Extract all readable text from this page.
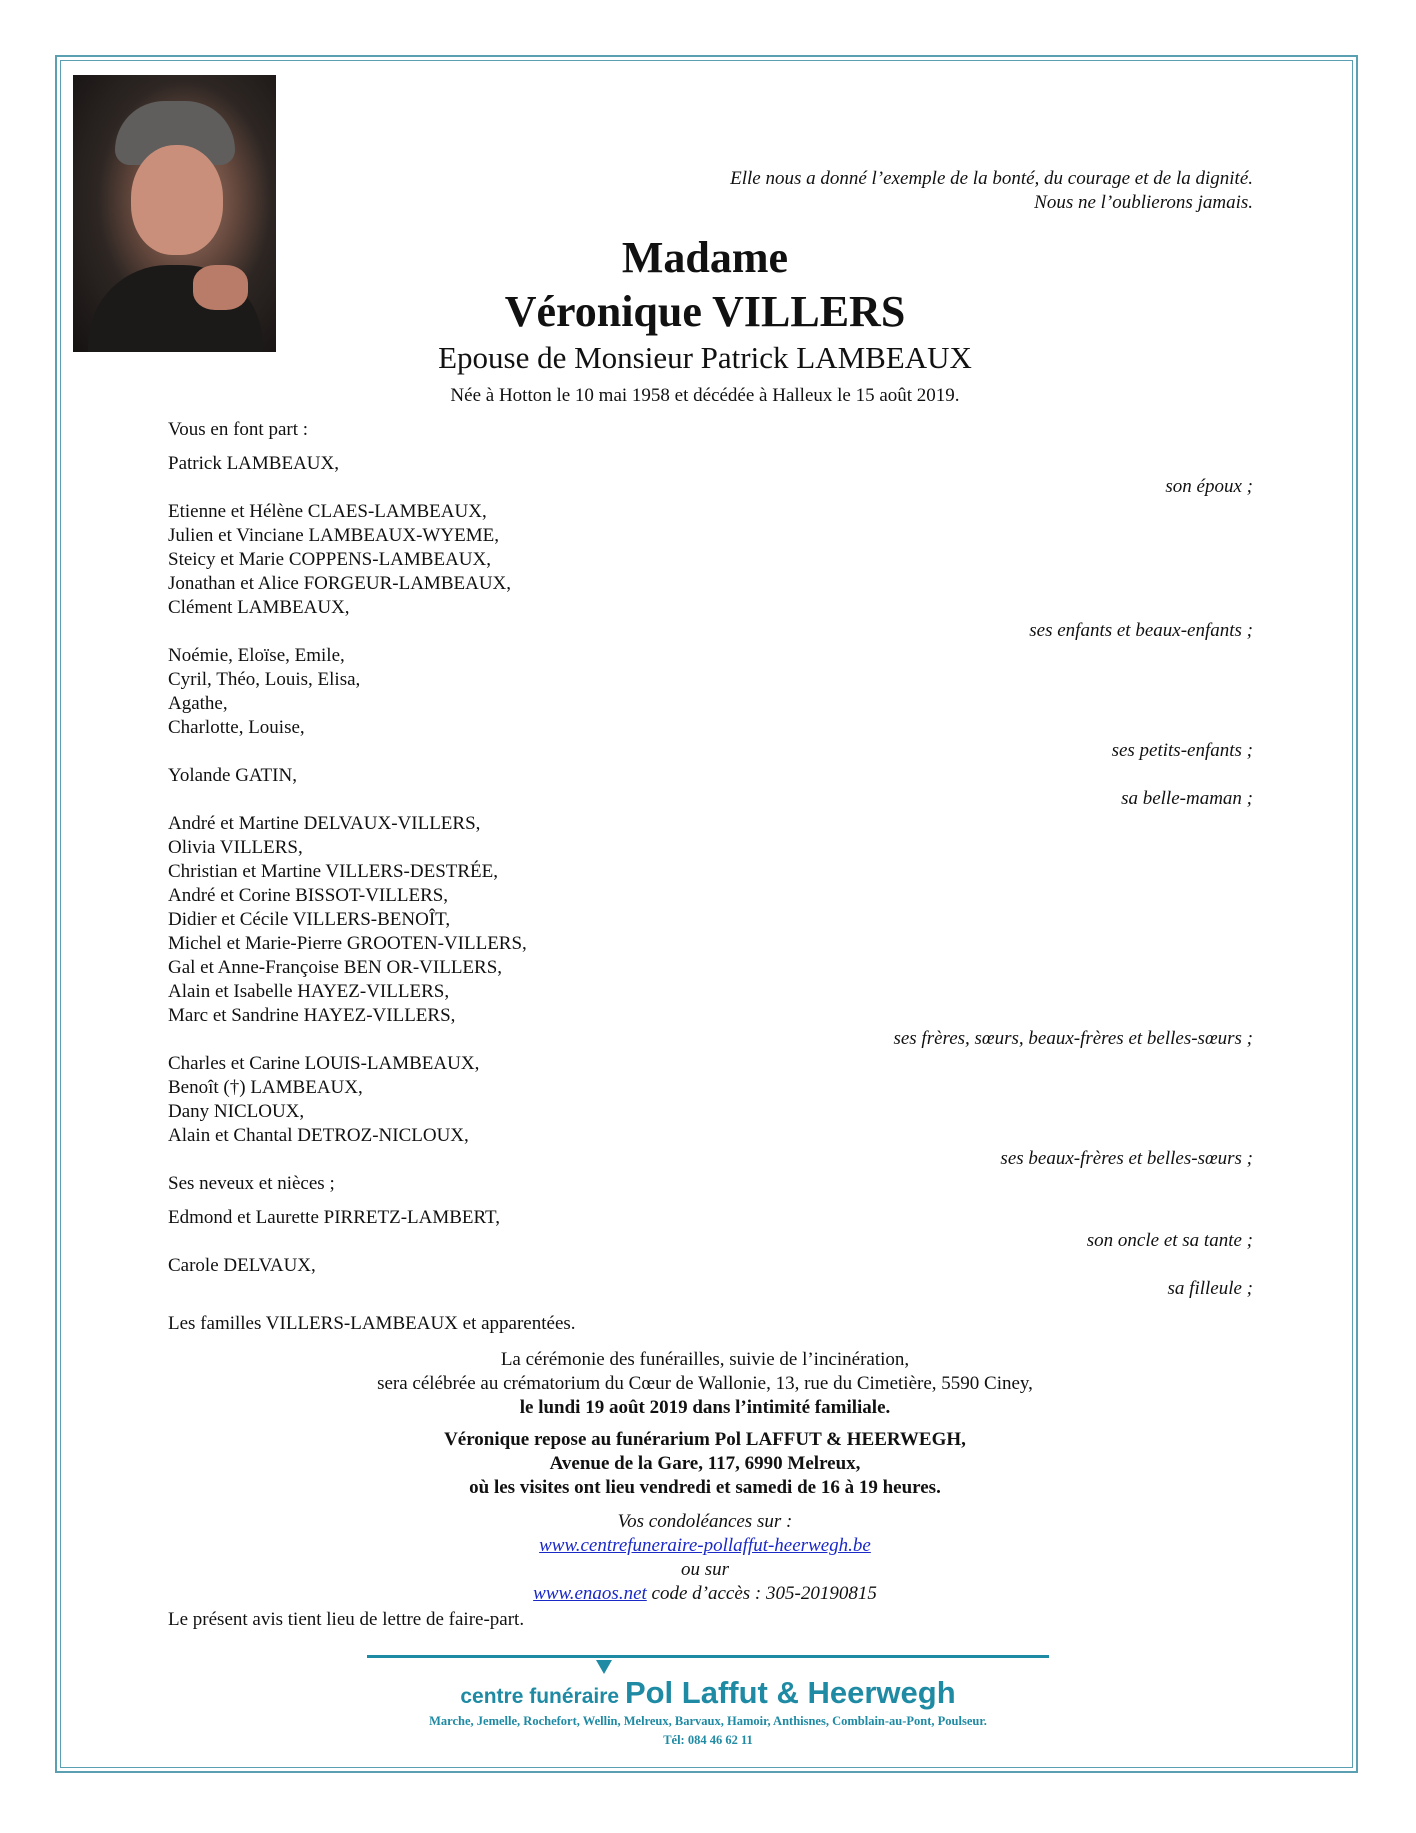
Elle nous a donné l’exemple de la bonté, du courage et de la dignité.
Nous ne l’oublierons jamais.
Madame
Véronique VILLERS
Epouse de Monsieur Patrick LAMBEAUX
Née à Hotton le 10 mai 1958 et décédée à Halleux le 15 août 2019.
Vous en font part :
Patrick LAMBEAUX,
son époux ;
Etienne et Hélène CLAES-LAMBEAUX,
Julien et Vinciane LAMBEAUX-WYEME,
Steicy et Marie COPPENS-LAMBEAUX,
Jonathan et Alice FORGEUR-LAMBEAUX,
Clément LAMBEAUX,
ses enfants et beaux-enfants ;
Noémie, Eloïse, Emile,
Cyril, Théo, Louis, Elisa,
Agathe,
Charlotte, Louise,
ses petits-enfants ;
Yolande GATIN,
sa belle-maman ;
André et Martine DELVAUX-VILLERS,
Olivia VILLERS,
Christian et Martine VILLERS-DESTRÉE,
André et Corine BISSOT-VILLERS,
Didier et Cécile VILLERS-BENOÎT,
Michel et Marie-Pierre GROOTEN-VILLERS,
Gal et Anne-Françoise BEN OR-VILLERS,
Alain et Isabelle HAYEZ-VILLERS,
Marc et Sandrine HAYEZ-VILLERS,
ses frères, sœurs, beaux-frères et belles-sœurs ;
Charles et Carine LOUIS-LAMBEAUX,
Benoît (†) LAMBEAUX,
Dany NICLOUX,
Alain et Chantal DETROZ-NICLOUX,
ses beaux-frères et belles-sœurs ;
Ses neveux et nièces ;
Edmond et Laurette PIRRETZ-LAMBERT,
son oncle et sa tante ;
Carole DELVAUX,
sa filleule ;
Les familles VILLERS-LAMBEAUX et apparentées.
La cérémonie des funérailles, suivie de l’incinération,
sera célébrée au crématorium du Cœur de Wallonie, 13, rue du Cimetière, 5590 Ciney,
le lundi 19 août 2019 dans l’intimité familiale.
Véronique repose au funérarium Pol LAFFUT & HEERWEGH,
Avenue de la Gare, 117, 6990 Melreux,
où les visites ont lieu vendredi et samedi de 16 à 19 heures.
Vos condoléances sur :
www.centrefuneraire-pollaffut-heerwegh.be
ou sur
www.enaos.net code d’accès : 305-20190815
Le présent avis tient lieu de lettre de faire-part.
centre funéraire Pol Laffut & Heerwegh
Marche, Jemelle, Rochefort, Wellin, Melreux, Barvaux, Hamoir, Anthisnes, Comblain-au-Pont, Poulseur.
Tél: 084 46 62 11
